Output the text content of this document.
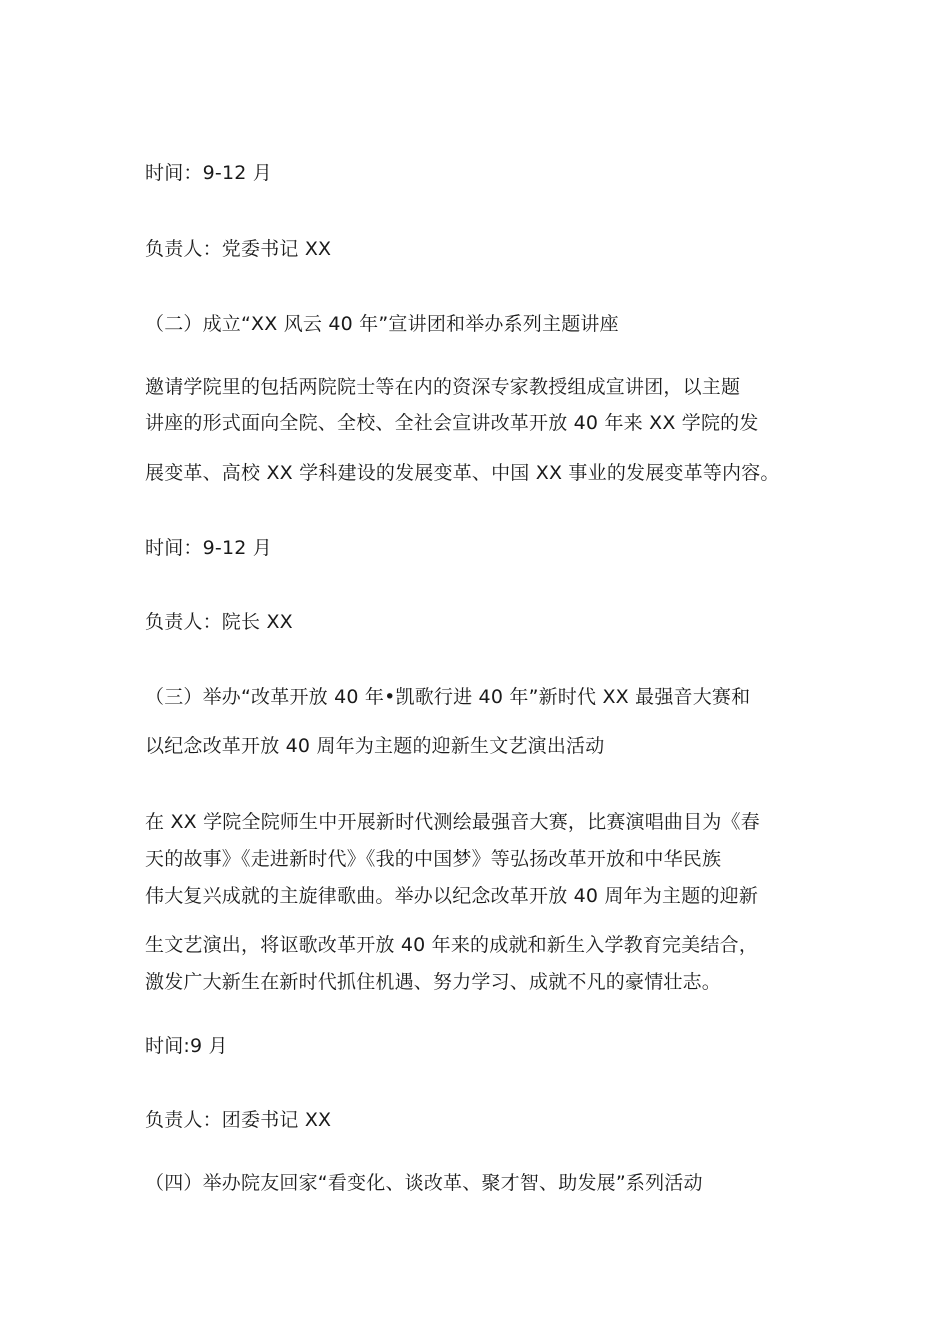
时间：9-12 月

负责人：党委书记 XX

（二）成立“XX 风云 40 年”宣讲团和举办系列主题讲座

邀请学院里的包括两院院士等在内的资深专家教授组成宣讲团，以主题

讲座的形式面向全院、全校、全社会宣讲改革开放 40 年来 XX 学院的发

展变革、高校 XX 学科建设的发展变革、中国 XX 事业的发展变革等内容。

时间：9-12 月

负责人：院长 XX

（三）举办“改革开放 40 年•凯歌行进 40 年”新时代 XX 最强音大赛和

以纪念改革开放 40 周年为主题的迎新生文艺演出活动

在 XX 学院全院师生中开展新时代测绘最强音大赛，比赛演唱曲目为《春

天的故事》《走进新时代》《我的中国梦》等弘扬改革开放和中华民族

伟大复兴成就的主旋律歌曲。举办以纪念改革开放 40 周年为主题的迎新

生文艺演出，将讴歌改革开放 40 年来的成就和新生入学教育完美结合，

激发广大新生在新时代抓住机遇、努力学习、成就不凡的豪情壮志。

时间:9 月

负责人：团委书记 XX

（四）举办院友回家“看变化、谈改革、聚才智、助发展”系列活动
